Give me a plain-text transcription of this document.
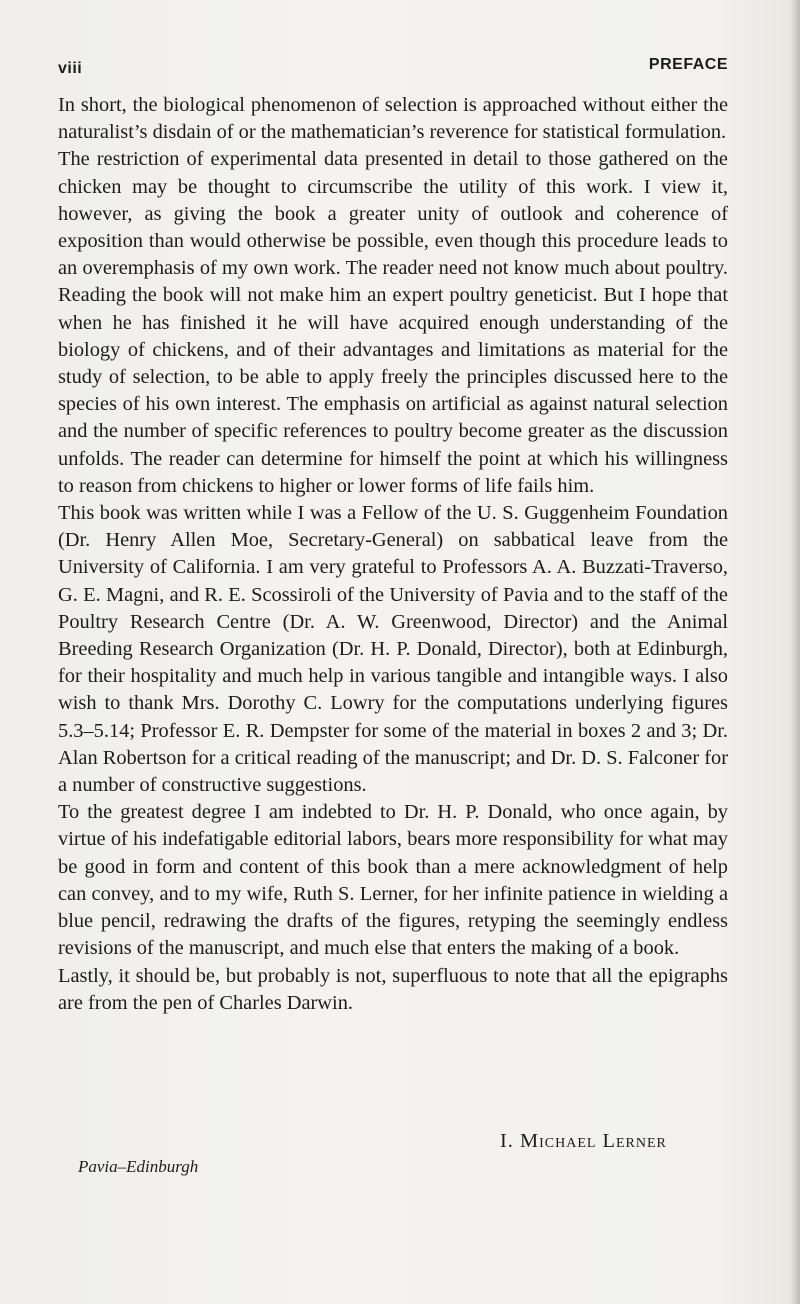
viii	PREFACE

In short, the biological phenomenon of selection is approached without either the naturalist’s disdain of or the mathematician’s reverence for statistical formulation.

The restriction of experimental data presented in detail to those gathered on the chicken may be thought to circumscribe the utility of this work. I view it, however, as giving the book a greater unity of outlook and coherence of exposition than would otherwise be possible, even though this procedure leads to an overemphasis of my own work. The reader need not know much about poultry. Reading the book will not make him an expert poultry geneticist. But I hope that when he has finished it he will have acquired enough understanding of the biology of chickens, and of their advantages and limitations as material for the study of selection, to be able to apply freely the principles discussed here to the species of his own interest. The emphasis on artificial as against natural selection and the number of specific references to poultry become greater as the discussion unfolds. The reader can determine for himself the point at which his willingness to reason from chickens to higher or lower forms of life fails him.

This book was written while I was a Fellow of the U. S. Guggenheim Foundation (Dr. Henry Allen Moe, Secretary-General) on sabbatical leave from the University of California. I am very grateful to Professors A. A. Buzzati-Traverso, G. E. Magni, and R. E. Scossiroli of the University of Pavia and to the staff of the Poultry Research Centre (Dr. A. W. Greenwood, Director) and the Animal Breeding Research Organization (Dr. H. P. Donald, Director), both at Edinburgh, for their hospitality and much help in various tangible and intangible ways. I also wish to thank Mrs. Dorothy C. Lowry for the computations underlying figures 5.3–5.14; Professor E. R. Dempster for some of the material in boxes 2 and 3; Dr. Alan Robertson for a critical reading of the manuscript; and Dr. D. S. Falconer for a number of constructive suggestions.

To the greatest degree I am indebted to Dr. H. P. Donald, who once again, by virtue of his indefatigable editorial labors, bears more responsibility for what may be good in form and content of this book than a mere acknowledgment of help can convey, and to my wife, Ruth S. Lerner, for her infinite patience in wielding a blue pencil, redrawing the drafts of the figures, retyping the seemingly endless revisions of the manuscript, and much else that enters the making of a book.

Lastly, it should be, but probably is not, superfluous to note that all the epigraphs are from the pen of Charles Darwin.

I. Michael Lerner
Pavia–Edinburgh
